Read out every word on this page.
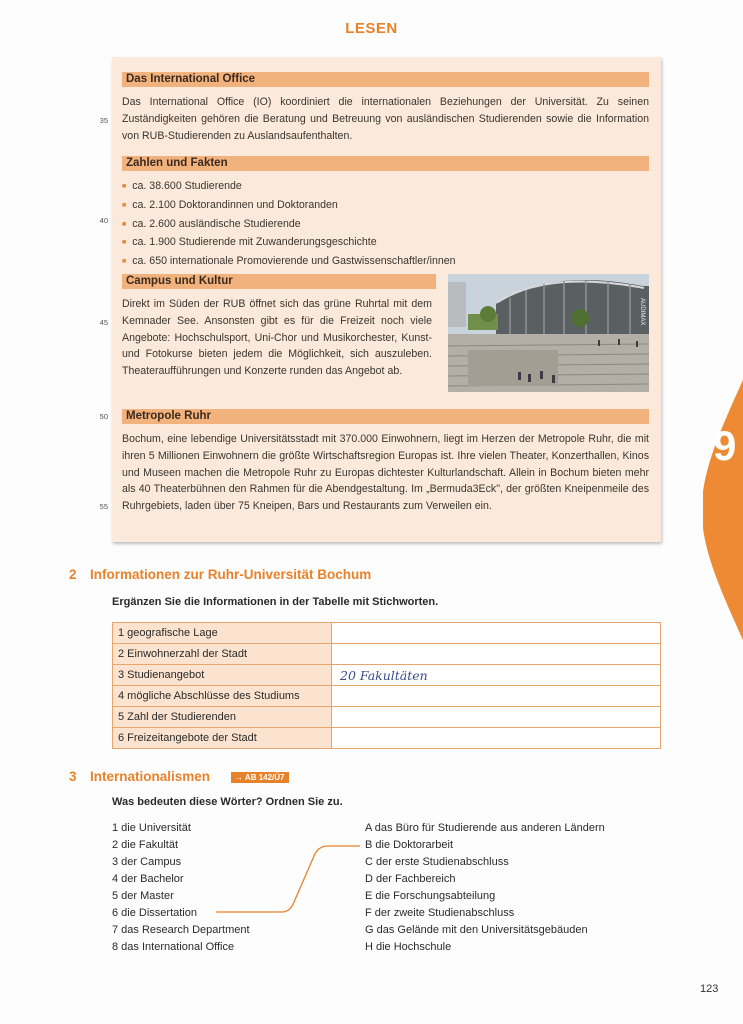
LESEN
9
35
40
45
50
55
Das International Office
Das International Office (IO) koordiniert die internationalen Beziehungen der Universität. Zu seinen Zuständigkeiten gehören die Beratung und Betreuung von ausländischen Studierenden sowie die Information von RUB-Studierenden zu Auslandsaufenthalten.
Zahlen und Fakten
■ ca. 38.600 Studierende
■ ca. 2.100 Doktorandinnen und Doktoranden
■ ca. 2.600 ausländische Studierende
■ ca. 1.900 Studierende mit Zuwanderungsgeschichte
■ ca. 650 internationale Promovierende und Gastwissenschaftler/innen
Campus und Kultur
Direkt im Süden der RUB öffnet sich das grüne Ruhrtal mit dem Kemnader See. Ansonsten gibt es für die Freizeit noch viele Angebote: Hochschulsport, Uni-Chor und Musikorchester, Kunst- und Fotokurse bieten jedem die Möglichkeit, sich auszuleben. Theateraufführungen und Konzerte runden das Angebot ab.
AUDIMAX
Metropole Ruhr
Bochum, eine lebendige Universitätsstadt mit 370.000 Einwohnern, liegt im Herzen der Metropole Ruhr, die mit ihren 5 Millionen Einwohnern die größte Wirtschaftsregion Europas ist. Ihre vielen Theater, Konzerthallen, Kinos und Museen machen die Metropole Ruhr zu Europas dichtester Kulturlandschaft. Allein in Bochum bieten mehr als 40 Theaterbühnen den Rahmen für die Abendgestaltung. Im „Bermuda3Eck", der größten Kneipenmeile des Ruhrgebiets, laden über 75 Kneipen, Bars und Restaurants zum Verweilen ein.
2 Informationen zur Ruhr-Universität Bochum
Ergänzen Sie die Informationen in der Tabelle mit Stichworten.
1 geografische Lage	
2 Einwohnerzahl der Stadt	
3 Studienangebot	20 Fakultäten
4 mögliche Abschlüsse des Studiums	
5 Zahl der Studierenden	
6 Freizeitangebote der Stadt	
3 Internationalismen	→ AB 142/Ü7
Was bedeuten diese Wörter? Ordnen Sie zu.
1 die Universität
2 die Fakultät
3 der Campus
4 der Bachelor
5 der Master
6 die Dissertation
7 das Research Department
8 das International Office
A das Büro für Studierende aus anderen Ländern
B die Doktorarbeit
C der erste Studienabschluss
D der Fachbereich
E die Forschungsabteilung
F der zweite Studienabschluss
G das Gelände mit den Universitätsgebäuden
H die Hochschule
123
